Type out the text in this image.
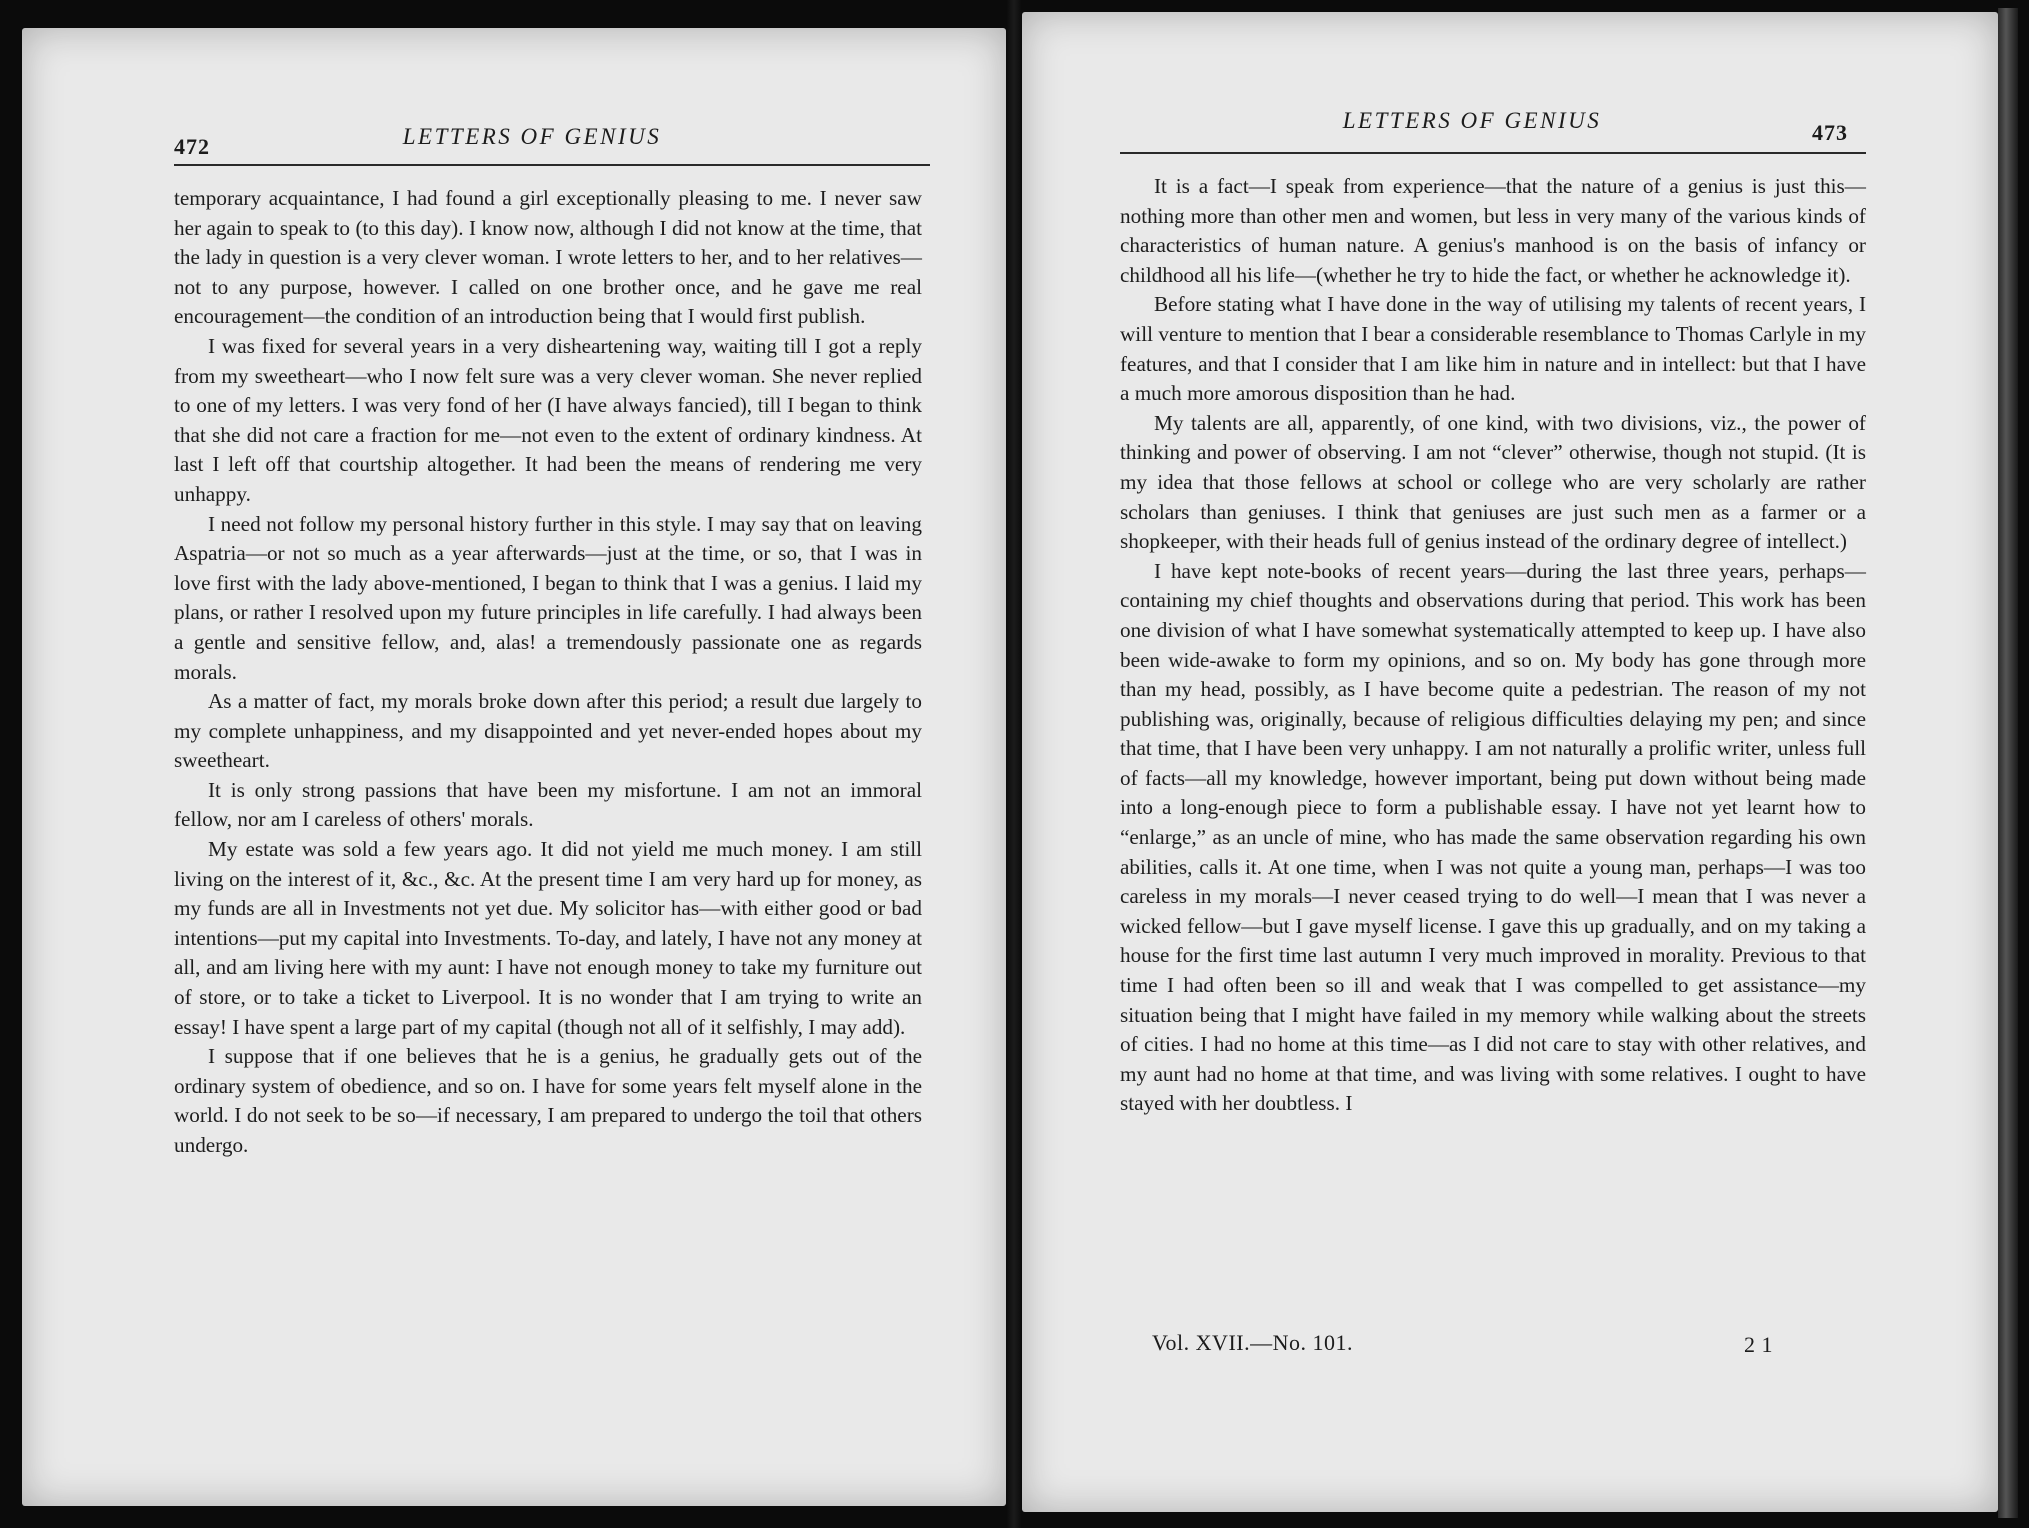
472	LETTERS OF GENIUS

temporary acquaintance, I had found a girl exceptionally pleasing to me. I never saw her again to speak to (to this day). I know now, although I did not know at the time, that the lady in question is a very clever woman. I wrote letters to her, and to her relatives—not to any purpose, however. I called on one brother once, and he gave me real encouragement—the condition of an introduction being that I would first publish.

I was fixed for several years in a very disheartening way, waiting till I got a reply from my sweetheart—who I now felt sure was a very clever woman. She never replied to one of my letters. I was very fond of her (I have always fancied), till I began to think that she did not care a fraction for me—not even to the extent of ordinary kindness. At last I left off that courtship altogether. It had been the means of rendering me very unhappy.

I need not follow my personal history further in this style. I may say that on leaving Aspatria—or not so much as a year afterwards—just at the time, or so, that I was in love first with the lady above-mentioned, I began to think that I was a genius. I laid my plans, or rather I resolved upon my future principles in life carefully. I had always been a gentle and sensitive fellow, and, alas! a tremendously passionate one as regards morals.

As a matter of fact, my morals broke down after this period; a result due largely to my complete unhappiness, and my disappointed and yet never-ended hopes about my sweetheart.

It is only strong passions that have been my misfortune. I am not an immoral fellow, nor am I careless of others' morals.

My estate was sold a few years ago. It did not yield me much money. I am still living on the interest of it, &c., &c. At the present time I am very hard up for money, as my funds are all in Investments not yet due. My solicitor has—with either good or bad intentions—put my capital into Investments. To-day, and lately, I have not any money at all, and am living here with my aunt: I have not enough money to take my furniture out of store, or to take a ticket to Liverpool. It is no wonder that I am trying to write an essay! I have spent a large part of my capital (though not all of it selfishly, I may add).

I suppose that if one believes that he is a genius, he gradually gets out of the ordinary system of obedience, and so on. I have for some years felt myself alone in the world. I do not seek to be so—if necessary, I am prepared to undergo the toil that others undergo.

LETTERS OF GENIUS	473

It is a fact—I speak from experience—that the nature of a genius is just this—nothing more than other men and women, but less in very many of the various kinds of characteristics of human nature. A genius's manhood is on the basis of infancy or childhood all his life—(whether he try to hide the fact, or whether he acknowledge it).

Before stating what I have done in the way of utilising my talents of recent years, I will venture to mention that I bear a considerable resemblance to Thomas Carlyle in my features, and that I consider that I am like him in nature and in intellect: but that I have a much more amorous disposition than he had.

My talents are all, apparently, of one kind, with two divisions, viz., the power of thinking and power of observing. I am not “clever” otherwise, though not stupid. (It is my idea that those fellows at school or college who are very scholarly are rather scholars than geniuses. I think that geniuses are just such men as a farmer or a shopkeeper, with their heads full of genius instead of the ordinary degree of intellect.)

I have kept note-books of recent years—during the last three years, perhaps—containing my chief thoughts and observations during that period. This work has been one division of what I have somewhat systematically attempted to keep up. I have also been wide-awake to form my opinions, and so on. My body has gone through more than my head, possibly, as I have become quite a pedestrian. The reason of my not publishing was, originally, because of religious difficulties delaying my pen; and since that time, that I have been very unhappy. I am not naturally a prolific writer, unless full of facts—all my knowledge, however important, being put down without being made into a long-enough piece to form a publishable essay. I have not yet learnt how to “enlarge,” as an uncle of mine, who has made the same observation regarding his own abilities, calls it. At one time, when I was not quite a young man, perhaps—I was too careless in my morals—I never ceased trying to do well—I mean that I was never a wicked fellow—but I gave myself license. I gave this up gradually, and on my taking a house for the first time last autumn I very much improved in morality. Previous to that time I had often been so ill and weak that I was compelled to get assistance—my situation being that I might have failed in my memory while walking about the streets of cities. I had no home at this time—as I did not care to stay with other relatives, and my aunt had no home at that time, and was living with some relatives. I ought to have stayed with her doubtless. I

Vol. XVII.—No. 101.	2 1
